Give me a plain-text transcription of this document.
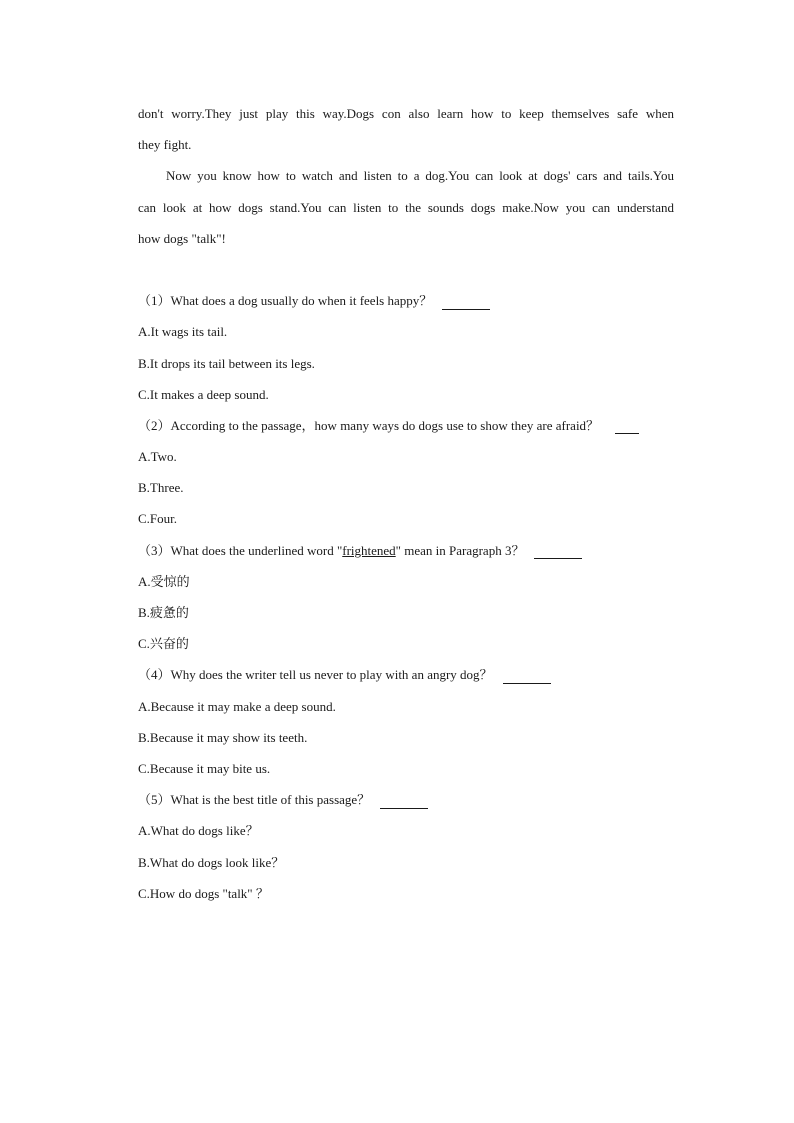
don't worry.They just play this way.Dogs con also learn how to keep themselves safe when
they fight.
Now you know how to watch and listen to a dog.You can look at dogs' cars and tails.You
can look at how dogs stand.You can listen to the sounds dogs make.Now you can understand
how dogs "talk"!
（1）What does a dog usually do when it feels happy？
A.It wags its tail.
B.It drops its tail between its legs.
C.It makes a deep sound.
（2）According to the passage，how many ways do dogs use to show they are afraid？
A.Two.
B.Three.
C.Four.
（3）What does the underlined word "frightened" mean in Paragraph 3？
A.受惊的
B.疲惫的
C.兴奋的
（4）Why does the writer tell us never to play with an angry dog？
A.Because it may make a deep sound.
B.Because it may show its teeth.
C.Because it may bite us.
（5）What is the best title of this passage？
A.What do dogs like？
B.What do dogs look like？
C.How do dogs "talk" ？
